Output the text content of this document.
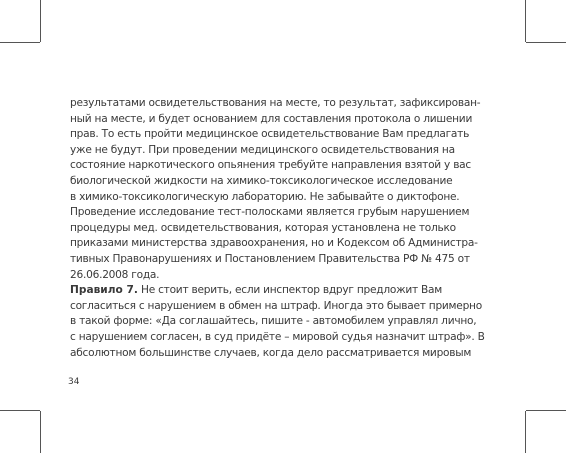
результатами освидетельствования на месте, то результат, зафиксирован-
ный на месте, и будет основанием для составления протокола о лишении
прав. То есть пройти медицинское освидетельствование Вам предлагать
уже не будут. При проведении медицинского освидетельствования на
состояние наркотического опьянения требуйте направления взятой у вас
биологической жидкости на химико-токсикологическое исследование
в химико-токсикологическую лабораторию. Не забывайте о диктофоне.
Проведение исследование тест-полосками является грубым нарушением
процедуры мед. освидетельствования, которая установлена не только
приказами министерства здравоохранения, но и Кодексом об Администра-
тивных Правонарушениях и Постановлением Правительства РФ № 475 от
26.06.2008 года.
Правило 7. Не стоит верить, если инспектор вдруг предложит Вам
согласиться с нарушением в обмен на штраф. Иногда это бывает примерно
в такой форме: «Да соглашайтесь, пишите - автомобилем управлял лично,
с нарушением согласен, в суд придёте – мировой судья назначит штраф». В
абсолютном большинстве случаев, когда дело рассматривается мировым
34
